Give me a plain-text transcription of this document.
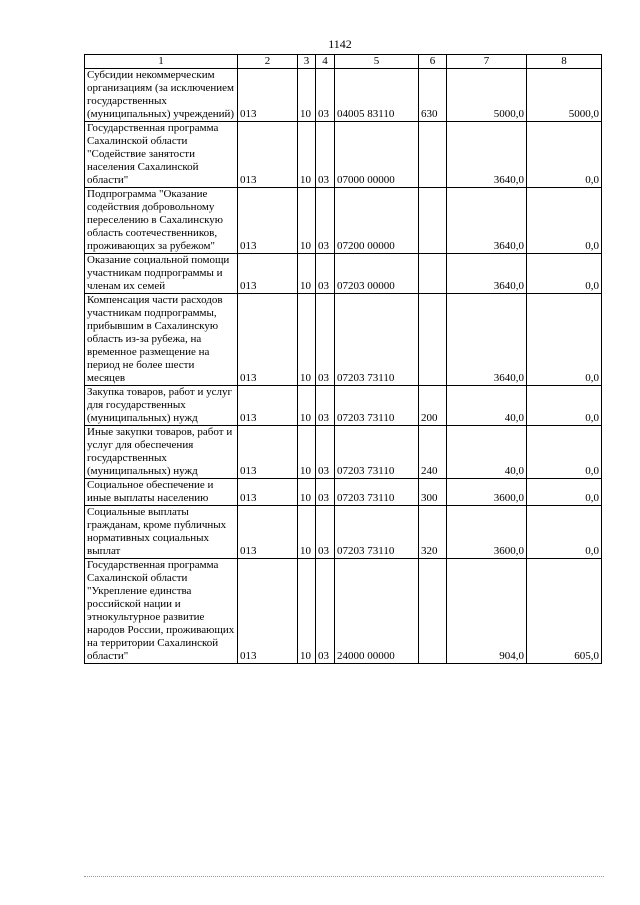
1142
1	2	3	4	5	6	7	8
Субсидии некоммерческим организациям (за исключением государственных (муниципальных) учреждений)	013	10	03	04005 83110	630	5000,0	5000,0
Государственная программа Сахалинской области "Содействие занятости населения Сахалинской области"	013	10	03	07000 00000		3640,0	0,0
Подпрограмма "Оказание содействия добровольному переселению в Сахалинскую область соотечественников, проживающих за рубежом"	013	10	03	07200 00000		3640,0	0,0
Оказание социальной помощи участникам подпрограммы и членам их семей	013	10	03	07203 00000		3640,0	0,0
Компенсация части расходов участникам подпрограммы, прибывшим в Сахалинскую область из-за рубежа, на временное размещение на период не более шести месяцев	013	10	03	07203 73110		3640,0	0,0
Закупка товаров, работ и услуг для государственных (муниципальных) нужд	013	10	03	07203 73110	200	40,0	0,0
Иные закупки товаров, работ и услуг для обеспечения государственных (муниципальных) нужд	013	10	03	07203 73110	240	40,0	0,0
Социальное обеспечение и иные выплаты населению	013	10	03	07203 73110	300	3600,0	0,0
Социальные выплаты гражданам, кроме публичных нормативных социальных выплат	013	10	03	07203 73110	320	3600,0	0,0
Государственная программа Сахалинской области "Укрепление единства российской нации и этнокультурное развитие народов России, проживающих на территории Сахалинской области"	013	10	03	24000 00000		904,0	605,0
